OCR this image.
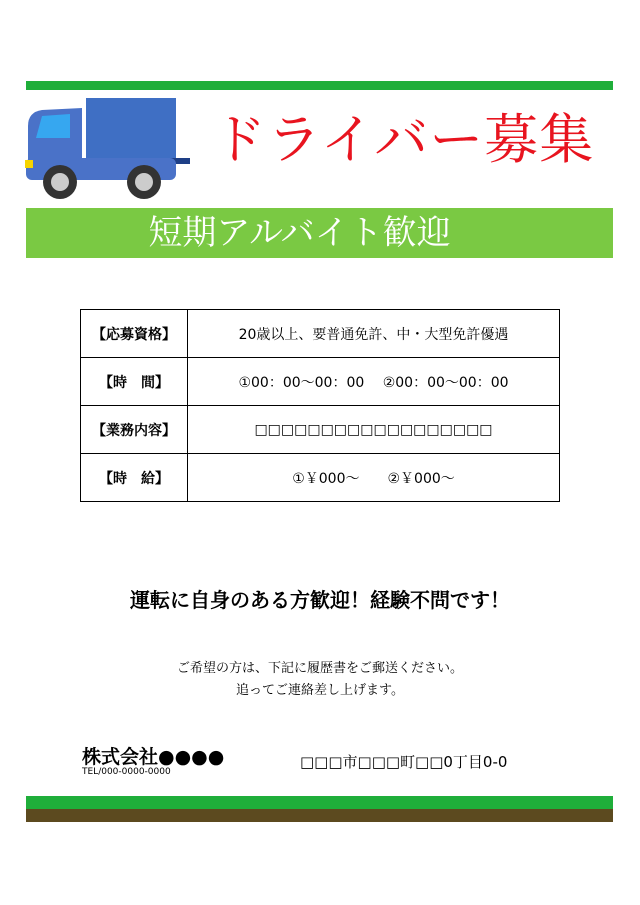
ドライバー募集
短期アルバイト歓迎
【応募資格】	20歳以上、要普通免許、中・大型免許優遇
【時　間】	①00：00～00：00　 ②00：00～00：00
【業務内容】	□□□□□□□□□□□□□□□□□□
【時　給】	①￥000～　　②￥000～
運転に自身のある方歓迎！経験不問です！
ご希望の方は、下記に履歴書をご郵送ください。
追ってご連絡差し上げます。
株式会社●●●●
TEL/000-0000-0000
□□□市□□□町□□0丁目0-0
